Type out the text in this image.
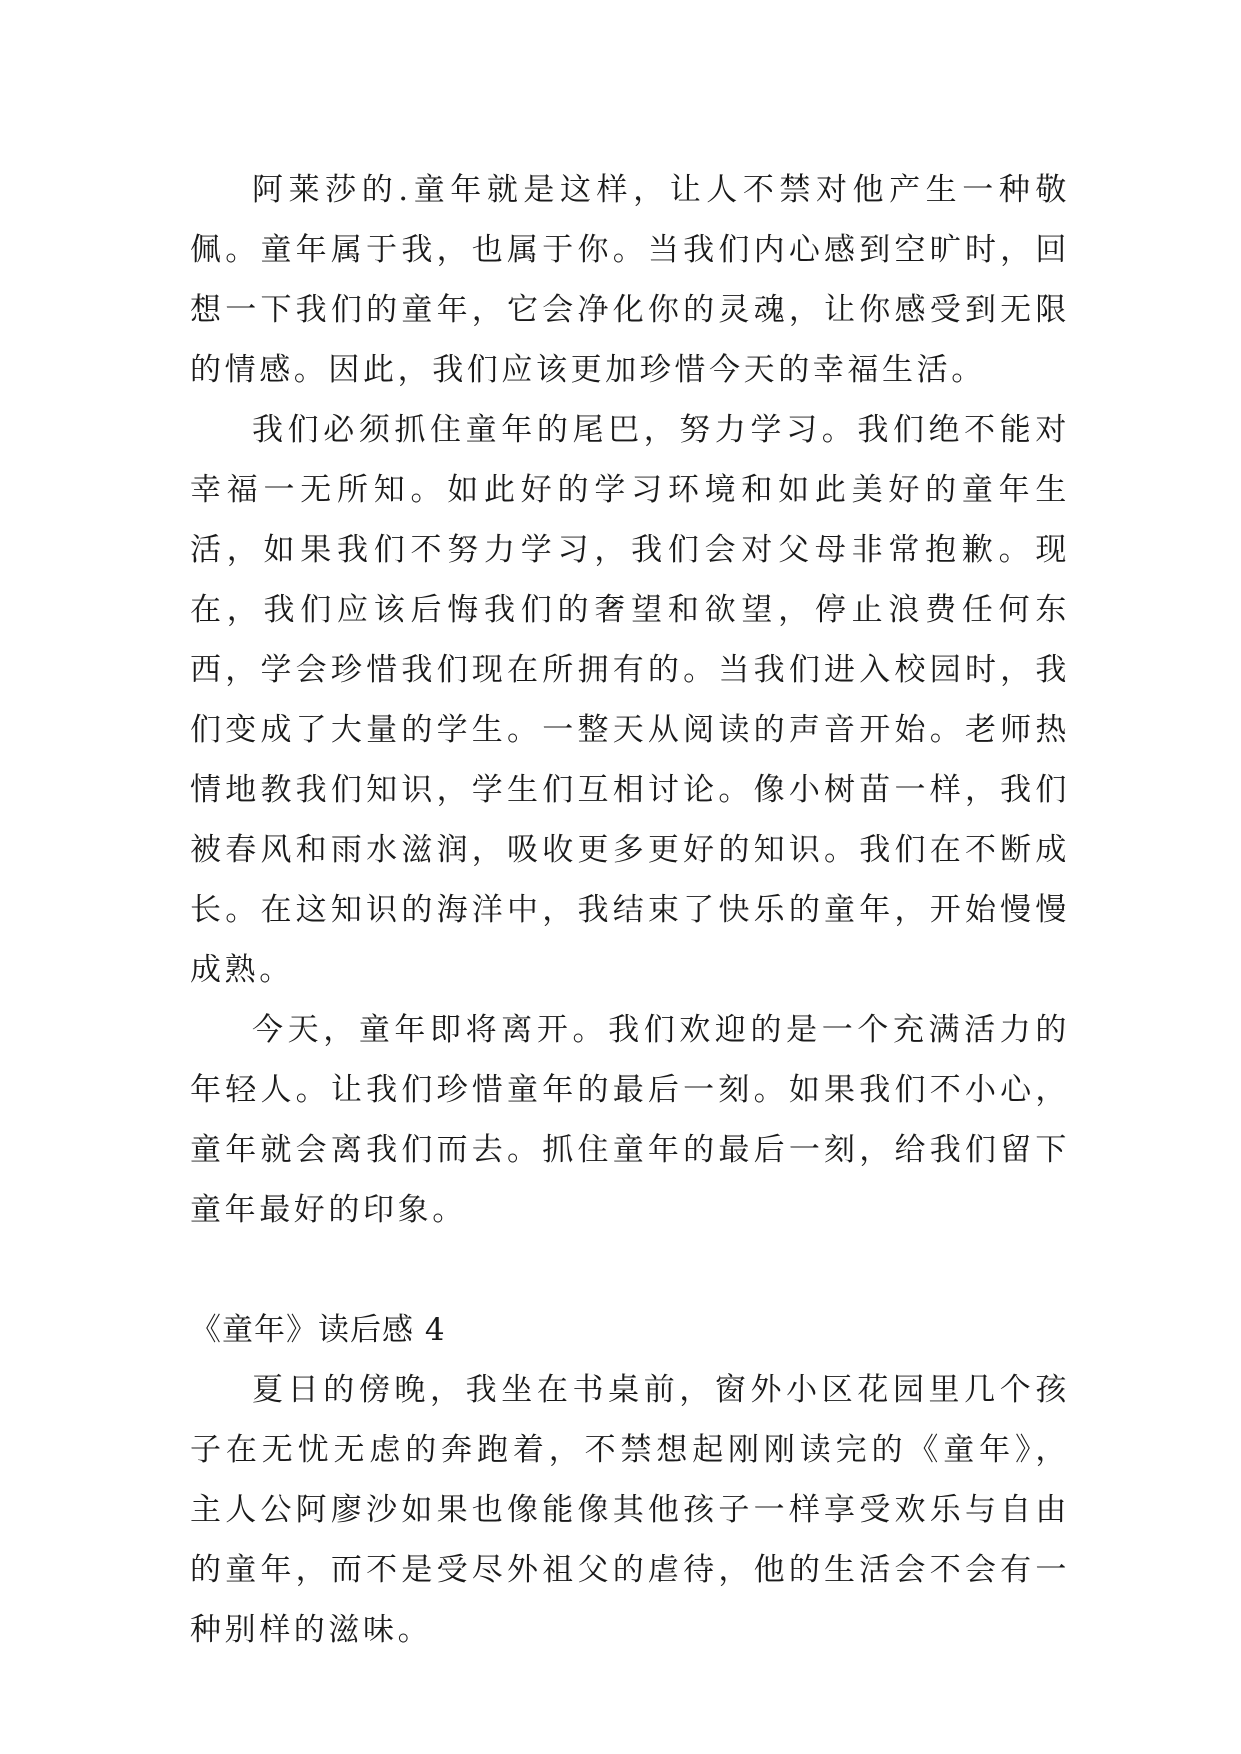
阿莱莎的.童年就是这样，让人不禁对他产生一种敬佩。童年属于我，也属于你。当我们内心感到空旷时，回想一下我们的童年，它会净化你的灵魂，让你感受到无限的情感。因此，我们应该更加珍惜今天的幸福生活。

我们必须抓住童年的尾巴，努力学习。我们绝不能对幸福一无所知。如此好的学习环境和如此美好的童年生活，如果我们不努力学习，我们会对父母非常抱歉。现在，我们应该后悔我们的奢望和欲望，停止浪费任何东西，学会珍惜我们现在所拥有的。当我们进入校园时，我们变成了大量的学生。一整天从阅读的声音开始。老师热情地教我们知识，学生们互相讨论。像小树苗一样，我们被春风和雨水滋润，吸收更多更好的知识。我们在不断成长。在这知识的海洋中，我结束了快乐的童年，开始慢慢成熟。

今天，童年即将离开。我们欢迎的是一个充满活力的年轻人。让我们珍惜童年的最后一刻。如果我们不小心，童年就会离我们而去。抓住童年的最后一刻，给我们留下童年最好的印象。

《童年》读后感 4

夏日的傍晚，我坐在书桌前，窗外小区花园里几个孩子在无忧无虑的奔跑着，不禁想起刚刚读完的《童年》，主人公阿廖沙如果也像能像其他孩子一样享受欢乐与自由的童年，而不是受尽外祖父的虐待，他的生活会不会有一种别样的滋味。
